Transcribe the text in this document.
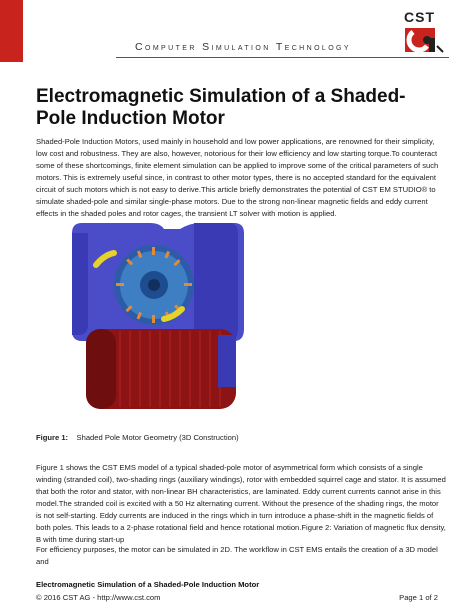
CST
Computer Simulation Technology
Electromagnetic Simulation of a Shaded-Pole Induction Motor
Shaded-Pole Induction Motors, used mainly in household and low power applications, are renowned for their simplicity, low cost and robustness. They are also, however, notorious for their low efficiency and low starting torque.To counteract some of these shortcomings, finite element simulation can be applied to improve some of the critical parameters of such motors. This is extremely useful since, in contrast to other motor types, there is no accepted standard for the equivalent circuit of such motors which is not easy to derive.This article briefly demonstrates the potential of CST EM STUDIO® to simulate shaded-pole and similar single-phase motors. Due to the strong non-linear magnetic fields and eddy current effects in the shaded poles and rotor cages, the transient LT solver with motion is applied.
Figure 1: Shaded Pole Motor Geometry (3D Construction)
Figure 1 shows the CST EMS model of a typical shaded-pole motor of asymmetrical form which consists of a single winding (stranded coil), two-shading rings (auxiliary windings), rotor with embedded squirrel cage and stator. It is assumed that both the rotor and stator, with non-linear BH characteristics, are laminated. Eddy current currents cannot arise in this model.The stranded coil is excited with a 50 Hz alternating current. Without the presence of the shading rings, the motor is not self-starting. Eddy currents are induced in the rings which in turn introduce a phase-shift in the magnetic fields of both poles. This leads to a 2-phase rotational field and hence rotational motion.Figure 2: Variation of magnetic flux density, B with time during start-up
For efficiency purposes, the motor can be simulated in 2D. The workflow in CST EMS entails the creation of a 3D model and
Electromagnetic Simulation of a Shaded-Pole Induction Motor
© 2016 CST AG - http://www.cst.com	Page 1 of 2
